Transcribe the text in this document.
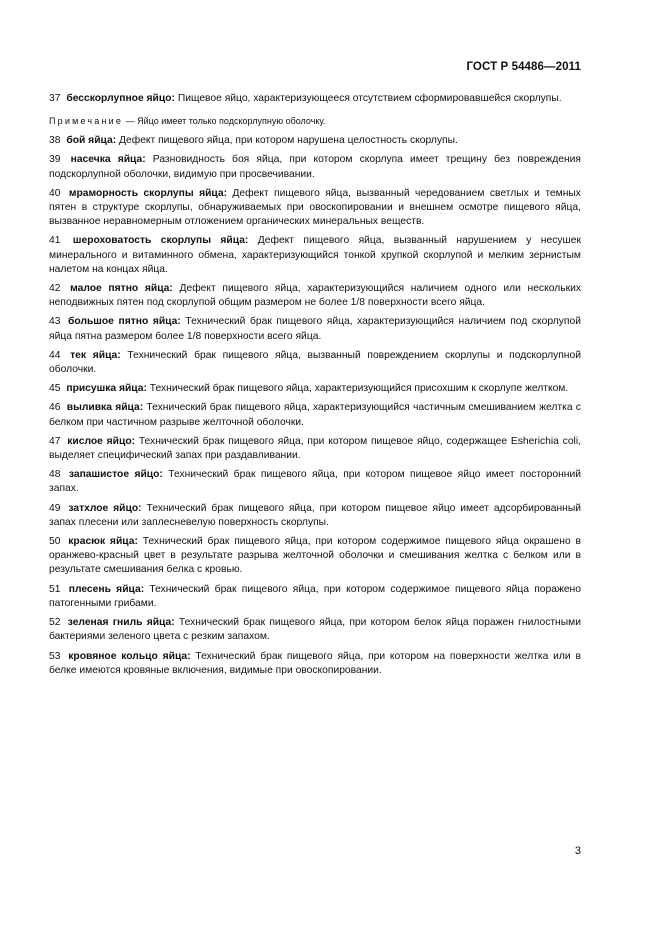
ГОСТ Р 54486—2011

37 бесскорлупное яйцо: Пищевое яйцо, характеризующееся отсутствием сформировавшейся скорлупы.

Примечание — Яйцо имеет только подскорлупную оболочку.

38 бой яйца: Дефект пищевого яйца, при котором нарушена целостность скорлупы.

39 насечка яйца: Разновидность боя яйца, при котором скорлупа имеет трещину без повреждения подскорлупной оболочки, видимую при просвечивании.

40 мраморность скорлупы яйца: Дефект пищевого яйца, вызванный чередованием светлых и темных пятен в структуре скорлупы, обнаруживаемых при овоскопировании и внешнем осмотре пищевого яйца, вызванное неравномерным отложением органических минеральных веществ.

41 шероховатость скорлупы яйца: Дефект пищевого яйца, вызванный нарушением у несушек минерального и витаминного обмена, характеризующийся тонкой хрупкой скорлупой и мелким зернистым налетом на концах яйца.

42 малое пятно яйца: Дефект пищевого яйца, характеризующийся наличием одного или нескольких неподвижных пятен под скорлупой общим размером не более 1/8 поверхности всего яйца.

43 большое пятно яйца: Технический брак пищевого яйца, характеризующийся наличием под скорлупой яйца пятна размером более 1/8 поверхности всего яйца.

44 тек яйца: Технический брак пищевого яйца, вызванный повреждением скорлупы и подскорлупной оболочки.

45 присушка яйца: Технический брак пищевого яйца, характеризующийся присохшим к скорлупе желтком.

46 выливка яйца: Технический брак пищевого яйца, характеризующийся частичным смешиванием желтка с белком при частичном разрыве желточной оболочки.

47 кислое яйцо: Технический брак пищевого яйца, при котором пищевое яйцо, содержащее Esherichia coli, выделяет специфический запах при раздавливании.

48 запашистое яйцо: Технический брак пищевого яйца, при котором пищевое яйцо имеет посторонний запах.

49 затхлое яйцо: Технический брак пищевого яйца, при котором пищевое яйцо имеет адсорбированный запах плесени или заплесневелую поверхность скорлупы.

50 красюк яйца: Технический брак пищевого яйца, при котором содержимое пищевого яйца окрашено в оранжево-красный цвет в результате разрыва желточной оболочки и смешивания желтка с белком или в результате смешивания белка с кровью.

51 плесень яйца: Технический брак пищевого яйца, при котором содержимое пищевого яйца поражено патогенными грибами.

52 зеленая гниль яйца: Технический брак пищевого яйца, при котором белок яйца поражен гнилостными бактериями зеленого цвета с резким запахом.

53 кровяное кольцо яйца: Технический брак пищевого яйца, при котором на поверхности желтка или в белке имеются кровяные включения, видимые при овоскопировании.

3
